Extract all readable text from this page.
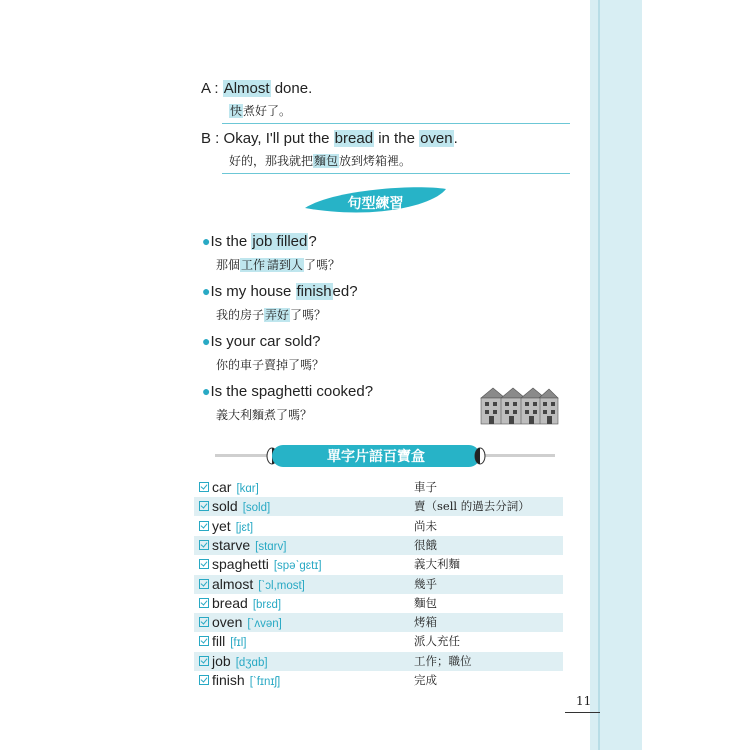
A : Almost done.
快煮好了。
B : Okay, I'll put the bread in the oven.
好的，那我就把麵包放到烤箱裡。
句型練習
●Is the job filled?
那個工作 請到人了嗎？
●Is my house finished?
我的房子弄好了嗎？
●Is your car sold?
你的車子賣掉了嗎？
●Is the spaghetti cooked?
義大利麵煮了嗎？
單字片語百寶盒
car [kɑr]	車子
sold [sold]	賣（sell 的過去分詞）
yet [jɛt]	尚未
starve [stɑrv]	很餓
spaghetti [spəˋgɛtɪ]	義大利麵
almost [ˋɔl,most]	幾乎
bread [brɛd]	麵包
oven [ˋʌvən]	烤箱
fill [fɪl]	派人充任
job [dʒɑb]	工作；職位
finish [ˋfɪnɪʃ]	完成
11
